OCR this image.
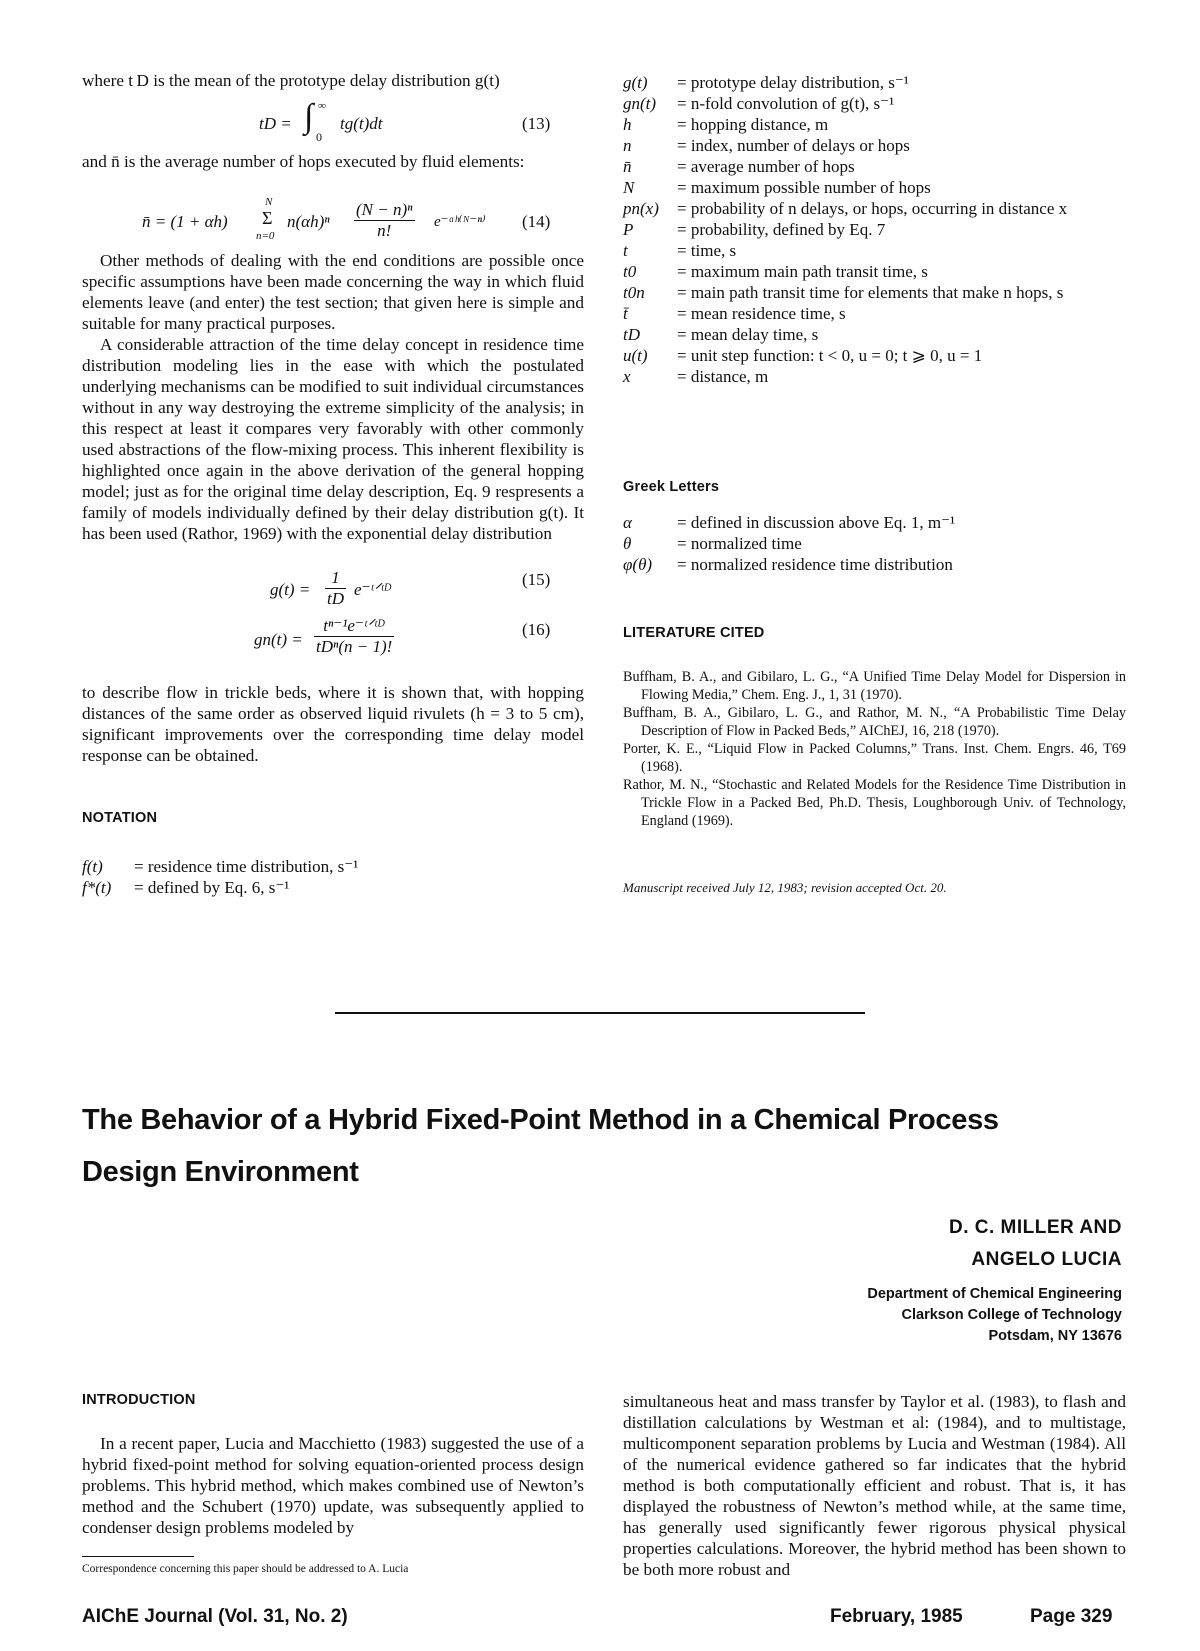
where t D is the mean of the prototype delay distribution g(t)

tD = ∫ ∞
0
tg(t)dt	(13)

and n̄ is the average number of hops executed by fluid elements:

n̄ = (1 + αh)
N
Σ
n=0
$n(\alpha h)^n \frac{\text{(N − n)ⁿ}}{n!}$ e⁻ᵅʰ⁽ᴺ⁻ⁿ⁾ (14)

Other methods of dealing with the end conditions are possible once specific assumptions have been made concerning the way in which fluid elements leave (and enter) the test section; that given here is simple and suitable for many practical purposes.

A considerable attraction of the time delay concept in residence time distribution modeling lies in the ease with which the postulated underlying mechanisms can be modified to suit individual circumstances without in any way destroying the extreme simplicity of the analysis; in this respect at least it compares very favorably with other commonly used abstractions of the flow-mixing process. This inherent flexibility is highlighted once again in the above derivation of the general hopping model; just as for the original time delay description, Eq. 9 respresents a family of models individually defined by their delay distribution g(t). It has been used (Rathor, 1969) with the exponential delay distribution

$g(t) = \frac{1}{tD}$ e⁻ᵗᐟᵗᴰ
(15)
$gn(t) = \frac{\text{tⁿ⁻¹e⁻ᵗᐟᵗᴰ}}{\text{tDⁿ(n − 1)!}}$	(16)

to describe flow in trickle beds, where it is shown that, with hopping distances of the same order as observed liquid rivulets (h = 3 to 5 cm), significant improvements over the corresponding time delay model response can be obtained.

NOTATION
f(t)	= residence time distribution, s⁻¹
f*(t)	= defined by Eq. 6, s⁻¹
g(t)	= prototype delay distribution, s⁻¹
gn(t)	= n-fold convolution of g(t), s⁻¹
h	= hopping distance, m
n	= index, number of delays or hops
n̄	= average number of hops
N	= maximum possible number of hops
pn(x)	= probability of n delays, or hops, occurring in distance x
P	= probability, defined by Eq. 7
t	= time, s
t0	= maximum main path transit time, s
t0n	= main path transit time for elements that make n hops, s
t̄	= mean residence time, s
tD	= mean delay time, s
u(t)	= unit step function: t < 0, u = 0; t ⩾ 0, u = 1
x	= distance, m
Greek Letters
α	= defined in discussion above Eq. 1, m⁻¹
θ	= normalized time
φ(θ)	= normalized residence time distribution
LITERATURE CITED

Buffham, B. A., and Gibilaro, L. G., “A Unified Time Delay Model for Dispersion in Flowing Media,” Chem. Eng. J., 1, 31 (1970).

Buffham, B. A., Gibilaro, L. G., and Rathor, M. N., “A Probabilistic Time Delay Description of Flow in Packed Beds,” AIChEJ, 16, 218 (1970).

Porter, K. E., “Liquid Flow in Packed Columns,” Trans. Inst. Chem. Engrs. 46, T69 (1968).

Rathor, M. N., “Stochastic and Related Models for the Residence Time Distribution in Trickle Flow in a Packed Bed, Ph.D. Thesis, Loughborough Univ. of Technology, England (1969).

Manuscript received July 12, 1983; revision accepted Oct. 20.
The Behavior of a Hybrid Fixed-Point Method in a Chemical Process
Design Environment
D. C. MILLER AND
ANGELO LUCIA
Department of Chemical Engineering
Clarkson College of Technology
Potsdam, NY 13676
INTRODUCTION

In a recent paper, Lucia and Macchietto (1983) suggested the use of a hybrid fixed-point method for solving equation-oriented process design problems. This hybrid method, which makes combined use of Newton’s method and the Schubert (1970) update, was subsequently applied to condenser design problems modeled by

Correspondence concerning this paper should be addressed to A. Lucia

simultaneous heat and mass transfer by Taylor et al. (1983), to flash and distillation calculations by Westman et al: (1984), and to multistage, multicomponent separation problems by Lucia and Westman (1984). All of the numerical evidence gathered so far indicates that the hybrid method is both computationally efficient and robust. That is, it has displayed the robustness of Newton’s method while, at the same time, has generally used significantly fewer rigorous physical physical properties calculations. Moreover, the hybrid method has been shown to be both more robust and

AIChE Journal (Vol. 31, No. 2)	February, 1985	Page 329
